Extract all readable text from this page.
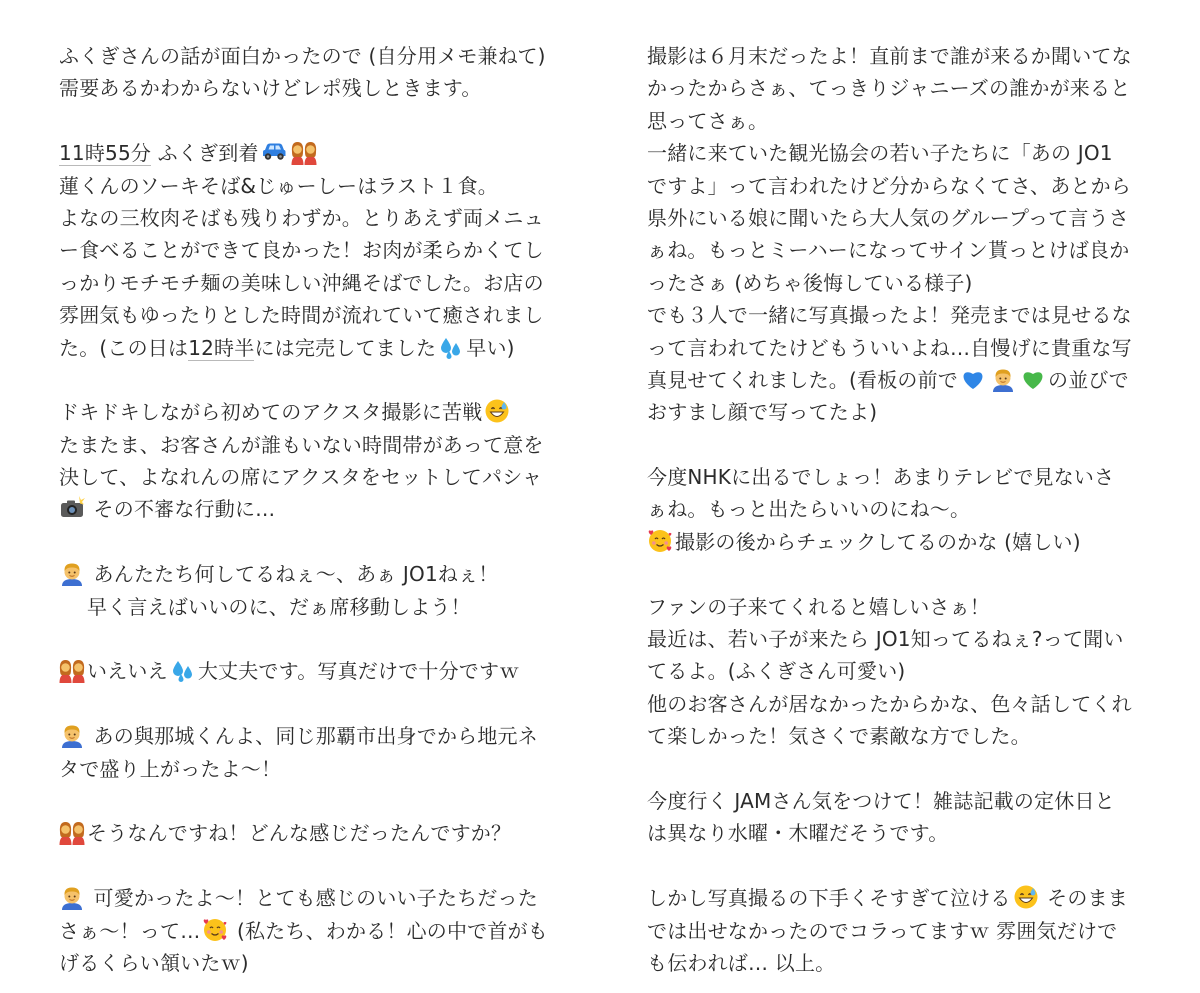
ふくぎさんの話が面白かったので (自分用メモ兼ねて)
需要あるかわからないけどレポ残しときます。
11時55分 ふくぎ到着
蓮くんのソーキそば&じゅーしーはラスト１食。
よなの三枚肉そばも残りわずか。とりあえず両メニュ
ー食べることができて良かった！お肉が柔らかくてし
っかりモチモチ麺の美味しい沖縄そばでした。お店の
雰囲気もゆったりとした時間が流れていて癒されまし
た。(この日は12時半には完売してました 早い)
ドキドキしながら初めてのアクスタ撮影に苦戦
たまたま、お客さんが誰もいない時間帯があって意を
決して、よなれんの席にアクスタをセットしてパシャ
その不審な行動に…
あんたたち何してるねぇ〜、あぁ JO1ねぇ！
早く言えばいいのに、だぁ席移動しよう！
いえいえ 大丈夫です。写真だけで十分ですｗ
あの與那城くんよ、同じ那覇市出身でから地元ネ
タで盛り上がったよ〜！
そうなんですね！どんな感じだったんですか？
可愛かったよ〜！とても感じのいい子たちだった
さぁ〜！って… (私たち、わかる！心の中で首がも
げるくらい頷いたｗ)
撮影は６月末だったよ！直前まで誰が来るか聞いてな
かったからさぁ、てっきりジャニーズの誰かが来ると
思ってさぁ。
一緒に来ていた観光協会の若い子たちに「あの JO1
ですよ」って言われたけど分からなくてさ、あとから
県外にいる娘に聞いたら大人気のグループって言うさ
ぁね。もっとミーハーになってサイン貰っとけば良か
ったさぁ (めちゃ後悔している様子)
でも３人で一緒に写真撮ったよ！発売までは見せるな
って言われてたけどもういいよね…自慢げに貴重な写
真見せてくれました。(看板の前で	の並びで
おすまし顔で写ってたよ)
今度NHKに出るでしょっ！あまりテレビで見ないさ
ぁね。もっと出たらいいのにね〜。
撮影の後からチェックしてるのかな (嬉しい)
ファンの子来てくれると嬉しいさぁ！
最近は、若い子が来たら JO1知ってるねぇ?って聞い
てるよ。(ふくぎさん可愛い)
他のお客さんが居なかったからかな、色々話してくれ
て楽しかった！気さくで素敵な方でした。
今度行く JAMさん気をつけて！雑誌記載の定休日と
は異なり水曜・木曜だそうです。
しかし写真撮るの下手くそすぎて泣ける そのまま
では出せなかったのでコラってますｗ 雰囲気だけで
も伝われば… 以上。
